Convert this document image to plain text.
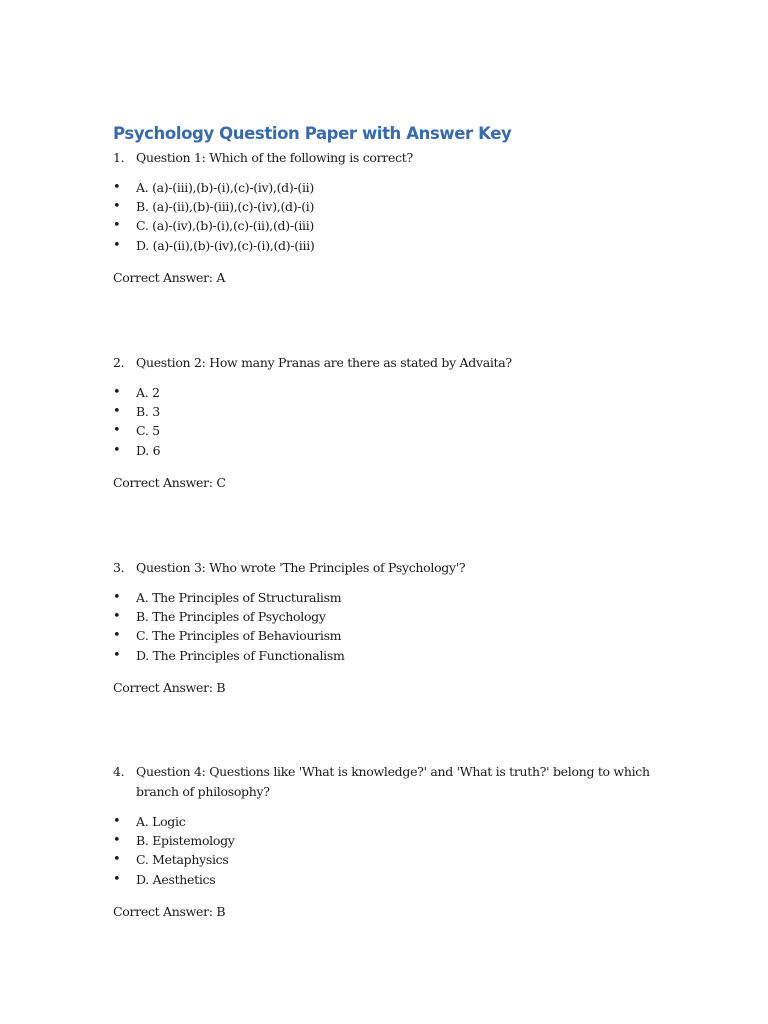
Psychology Question Paper with Answer Key
1. Question 1: Which of the following is correct?
•	A. (a)-(iii),(b)-(i),(c)-(iv),(d)-(ii)
•	B. (a)-(ii),(b)-(iii),(c)-(iv),(d)-(i)
•	C. (a)-(iv),(b)-(i),(c)-(ii),(d)-(iii)
•	D. (a)-(ii),(b)-(iv),(c)-(i),(d)-(iii)
Correct Answer: A
2. Question 2: How many Pranas are there as stated by Advaita?
•	A. 2
•	B. 3
•	C. 5
•	D. 6
Correct Answer: C
3. Question 3: Who wrote 'The Principles of Psychology'?
•	A. The Principles of Structuralism
•	B. The Principles of Psychology
•	C. The Principles of Behaviourism
•	D. The Principles of Functionalism
Correct Answer: B
4. Question 4: Questions like 'What is knowledge?' and 'What is truth?' belong to which branch of philosophy?
•	A. Logic
•	B. Epistemology
•	C. Metaphysics
•	D. Aesthetics
Correct Answer: B
